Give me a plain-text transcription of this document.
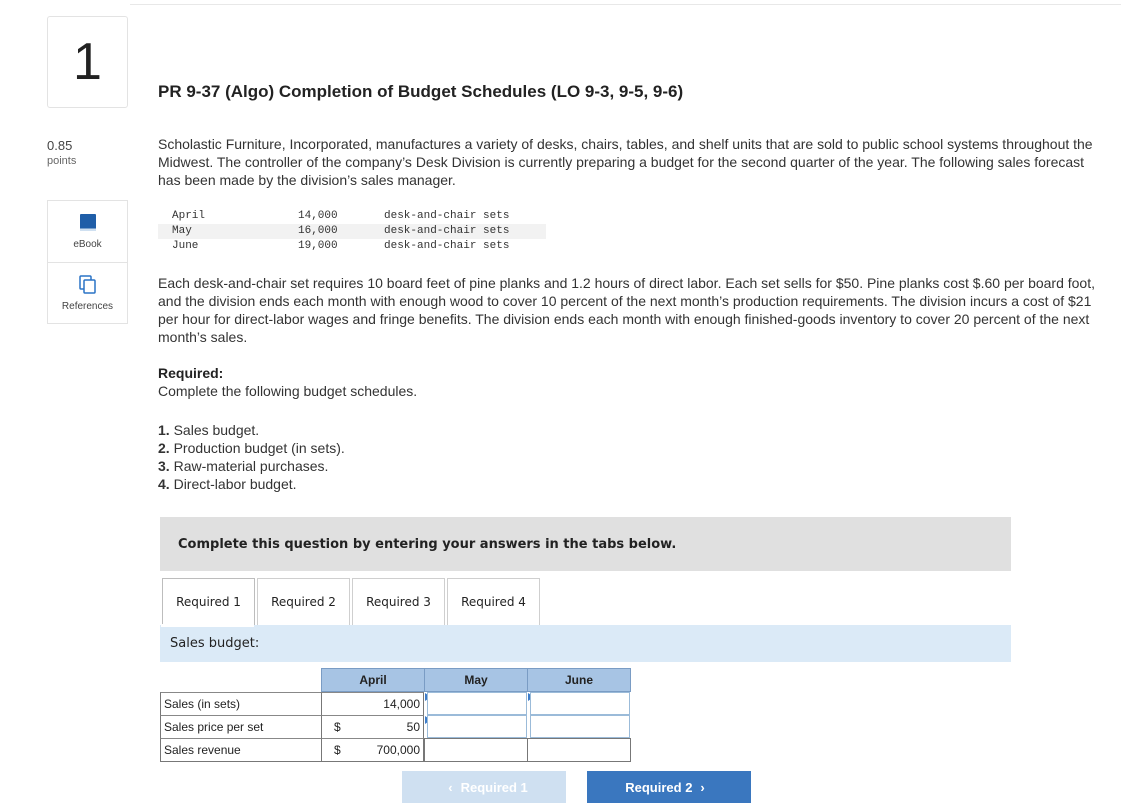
1
0.85
points
eBook
References
PR 9-37 (Algo) Completion of Budget Schedules (LO 9-3, 9-5, 9-6)
Scholastic Furniture, Incorporated, manufactures a variety of desks, chairs, tables, and shelf units that are sold to public school systems throughout the Midwest. The controller of the company’s Desk Division is currently preparing a budget for the second quarter of the year. The following sales forecast has been made by the division’s sales manager.
April	14,000	desk-and-chair sets
May	16,000	desk-and-chair sets
June	19,000	desk-and-chair sets
Each desk-and-chair set requires 10 board feet of pine planks and 1.2 hours of direct labor. Each set sells for $50. Pine planks cost $.60 per board foot, and the division ends each month with enough wood to cover 10 percent of the next month’s production requirements. The division incurs a cost of $21 per hour for direct-labor wages and fringe benefits. The division ends each month with enough finished-goods inventory to cover 20 percent of the next month’s sales.
Required:
Complete the following budget schedules.
1. Sales budget.
2. Production budget (in sets).
3. Raw-material purchases.
4. Direct-labor budget.
Complete this question by entering your answers in the tabs below.
Required 1	Required 2	Required 3	Required 4
Sales budget:
April	May	June
Sales (in sets)	14,000
Sales price per set	$	50
Sales revenue	$	700,000
‹ Required 1	Required 2 ›
